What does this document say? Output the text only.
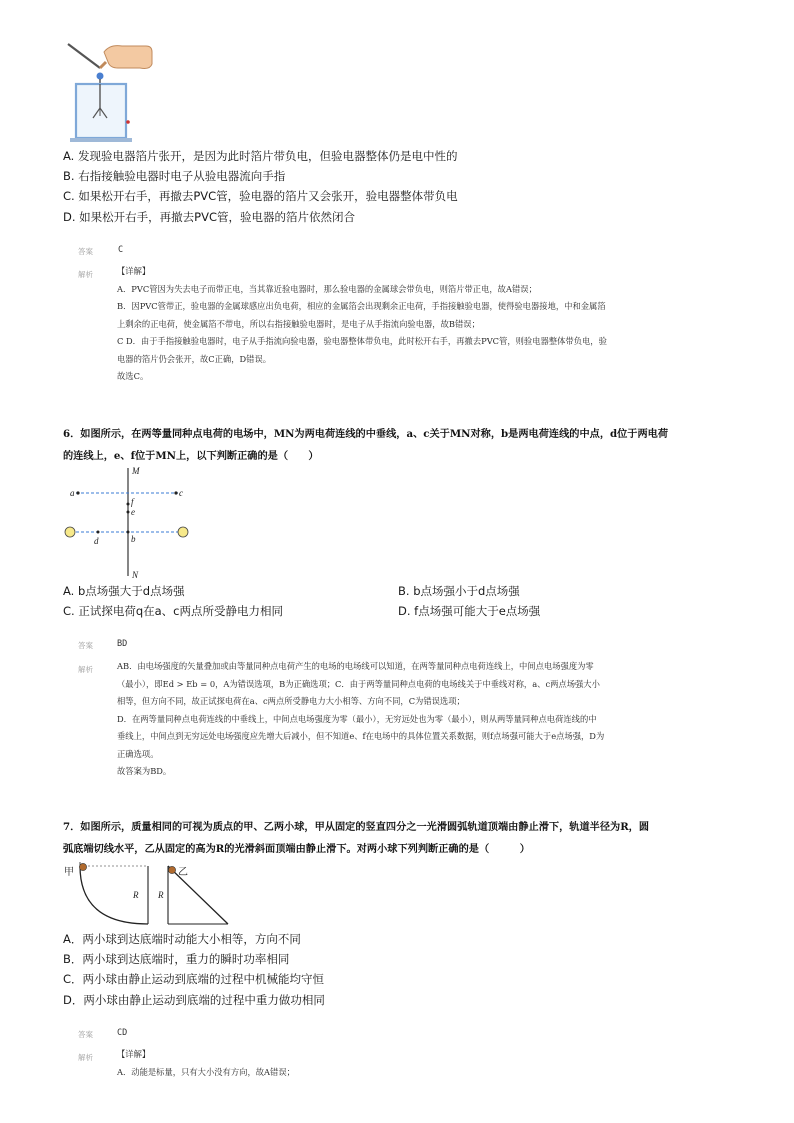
A. 发现验电器箔片张开，是因为此时箔片带负电，但验电器整体仍是电中性的
B. 右指接触验电器时电子从验电器流向手指
C. 如果松开右手，再撤去PVC管，验电器的箔片又会张开，验电器整体带负电
D. 如果松开右手，再撤去PVC管，验电器的箔片依然闭合
答案	C
解析	【详解】
A．PVC管因为失去电子而带正电，当其靠近验电器时，那么验电器的金属球会带负电，则箔片带正电，故A错误；
B．因PVC管带正，验电器的金属球感应出负电荷，相应的金属箔会出现剩余正电荷，手指接触验电器，使得验电器接地，中和金属箔
上剩余的正电荷，使金属箔不带电，所以右指接触验电器时，是电子从手指流向验电器，故B错误；
C D．由于手指接触验电器时，电子从手指流向验电器，验电器整体带负电，此时松开右手，再撤去PVC管，则验电器整体带负电，验
电器的箔片仍会张开，故C正确，D错误。
故选C。
6．如图所示，在两等量同种点电荷的电场中，MN为两电荷连线的中垂线，a、c关于MN对称，b是两电荷连线的中点，d位于两电荷
的连线上，e、f位于MN上，以下判断正确的是（　　）
M
N
a	c
f
e
b
d
A. b点场强大于d点场强	B. b点场强小于d点场强
C. 正试探电荷q在a、c两点所受静电力相同	D. f点场强可能大于e点场强
答案	BD
解析	AB．由电场强度的矢量叠加或由等量同种点电荷产生的电场的电场线可以知道，在两等量同种点电荷连线上，中间点电场强度为零
（最小），即Ed > Eb = 0，A为错误选项，B为正确选项；C．由于两等量同种点电荷的电场线关于中垂线对称，a、c两点场强大小
相等，但方向不同，故正试探电荷在a、c两点所受静电力大小相等、方向不同，C为错误选项；
D．在两等量同种点电荷连线的中垂线上，中间点电场强度为零（最小），无穷远处也为零（最小），则从两等量同种点电荷连线的中
垂线上，中间点到无穷远处电场强度应先增大后减小，但不知道e、f在电场中的具体位置关系数据，则f点场强可能大于e点场强，D为
正确选项。
故答案为BD。
7．如图所示，质量相同的可视为质点的甲、乙两小球，甲从固定的竖直四分之一光滑圆弧轨道顶端由静止滑下，轨道半径为R，圆
弧底端切线水平，乙从固定的高为R的光滑斜面顶端由静止滑下。对两小球下列判断正确的是（　　　）
甲
R
乙
R
A．两小球到达底端时动能大小相等，方向不同
B．两小球到达底端时，重力的瞬时功率相同
C．两小球由静止运动到底端的过程中机械能均守恒
D．两小球由静止运动到底端的过程中重力做功相同
答案	CD
解析	【详解】
A．动能是标量，只有大小没有方向，故A错误；
